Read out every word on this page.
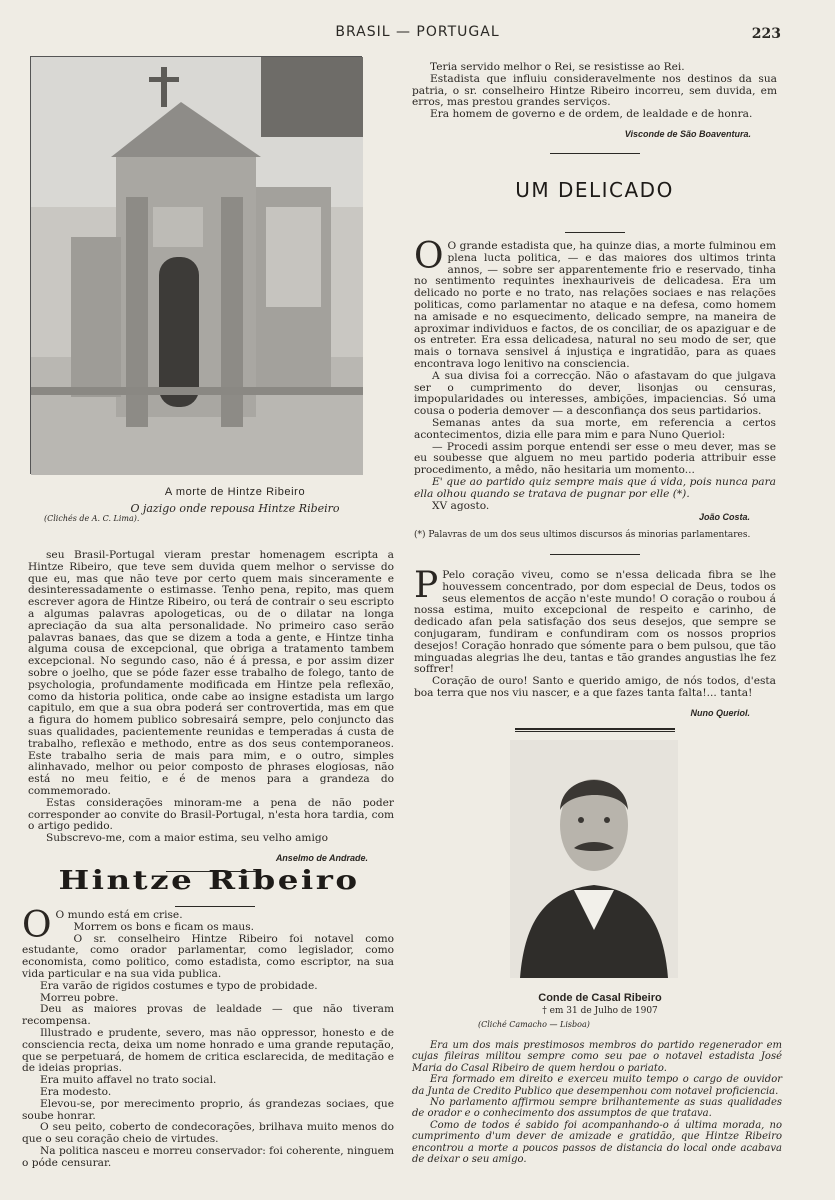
BRASIL — PORTUGAL	223
A morte de Hintze Ribeiro
O jazigo onde repousa Hintze Ribeiro
(Clichés de A. C. Lima).

seu Brasil-Portugal vieram prestar homenagem escripta a Hintze Ribeiro, que teve sem duvida quem melhor o servisse do que eu, mas que não teve por certo quem mais sinceramente e desinteressadamente o estimasse. Tenho pena, repito, mas quem escrever agora de Hintze Ribeiro, ou terá de contrair o seu escripto a algumas palavras apologeticas, ou de o dilatar na longa apreciação da sua alta personalidade. No primeiro caso serão palavras banaes, das que se dizem a toda a gente, e Hintze tinha alguma cousa de excepcional, que obriga a tratamento tambem excepcional. No segundo caso, não é á pressa, e por assim dizer sobre o joelho, que se póde fazer esse trabalho de folego, tanto de psychologia, profundamente modificada em Hintze pela reflexão, como da historia politica, onde cabe ao insigne estadista um largo capitulo, em que a sua obra poderá ser controvertida, mas em que a figura do homem publico sobresairá sempre, pelo conjuncto das suas qualidades, pacientemente reunidas e temperadas á custa de trabalho, reflexão e methodo, entre as dos seus contemporaneos. Este trabalho seria de mais para mim, e o outro, simples alinhavado, melhor ou peior composto de phrases elogiosas, não está no meu feitio, e é de menos para a grandeza do commemorado.

Estas considerações minoram-me a pena de não poder corresponder ao convite do Brasil-Portugal, n'esta hora tardia, com o artigo pedido.

Subscrevo-me, com a maior estima, seu velho amigo

Anselmo de Andrade.
Hintze Ribeiro

O O mundo está em crise.

Morrem os bons e ficam os maus.

O sr. conselheiro Hintze Ribeiro foi notavel como estudante, como orador parlamentar, como legislador, como economista, como politico, como estadista, como escriptor, na sua vida particular e na sua vida publica.

Era varão de rigidos costumes e typo de probidade.

Morreu pobre.

Deu as maiores provas de lealdade — que não tiveram recompensa.

Illustrado e prudente, severo, mas não oppressor, honesto e de consciencia recta, deixa um nome honrado e uma grande reputação, que se perpetuará, de homem de critica esclarecida, de meditação e de ideias proprias.

Era muito affavel no trato social.

Era modesto.

Elevou-se, por merecimento proprio, ás grandezas sociaes, que soube honrar.

O seu peito, coberto de condecorações, brilhava muito menos do que o seu coração cheio de virtudes.

Na politica nasceu e morreu conservador: foi coherente, ninguem o póde censurar.

Teria servido melhor o Rei, se resistisse ao Rei.

Estadista que influiu consideravelmente nos destinos da sua patria, o sr. conselheiro Hintze Ribeiro incorreu, sem duvida, em erros, mas prestou grandes serviços.

Era homem de governo e de ordem, de lealdade e de honra.

Visconde de São Boaventura.
UM DELICADO

O O grande estadista que, ha quinze dias, a morte fulminou em plena lucta politica, — e das maiores dos ultimos trinta annos, — sobre ser apparentemente frio e reservado, tinha no sentimento requintes inexhauriveis de delicadesa. Era um delicado no porte e no trato, nas relações sociaes e nas relações politicas, como parlamentar no ataque e na defesa, como homem na amisade e no esquecimento, delicado sempre, na maneira de aproximar individuos e factos, de os conciliar, de os apaziguar e de os entreter. Era essa delicadesa, natural no seu modo de ser, que mais o tornava sensivel á injustiça e ingratidão, para as quaes encontrava logo lenitivo na consciencia.

A sua divisa foi a correcção. Não o afastavam do que julgava ser o cumprimento do dever, lisonjas ou censuras, impopularidades ou interesses, ambições, impaciencias. Só uma cousa o poderia demover — a desconfiança dos seus partidarios.

Semanas antes da sua morte, em referencia a certos acontecimentos, dizia elle para mim e para Nuno Queriol:

— Procedi assim porque entendi ser esse o meu dever, mas se eu soubesse que alguem no meu partido poderia attribuir esse procedimento, a mêdo, não hesitaria um momento...

E' que ao partido quiz sempre mais que á vida, pois nunca para ella olhou quando se tratava de pugnar por elle (*).

XV agosto.

João Costa.
(*) Palavras de um dos seus ultimos discursos ás minorias parlamentares.

P Pelo coração viveu, como se n'essa delicada fibra se lhe houvessem concentrado, por dom especial de Deus, todos os seus elementos de acção n'este mundo! O coração o roubou á nossa estima, muito excepcional de respeito e carinho, de dedicado afan pela satisfação dos seus desejos, que sempre se conjugaram, fundiram e confundiram com os nossos proprios desejos! Coração honrado que sómente para o bem pulsou, que tão minguadas alegrias lhe deu, tantas e tão grandes angustias lhe fez soffrer!

Coração de ouro! Santo e querido amigo, de nós todos, d'esta boa terra que nos viu nascer, e a que fazes tanta falta!... tanta!

Nuno Queriol.
Conde de Casal Ribeiro
† em 31 de Julho de 1907
(Cliché Camacho — Lisboa)

Era um dos mais prestimosos membros do partido regenerador em cujas fileiras militou sempre como seu pae o notavel estadista José Maria do Casal Ribeiro de quem herdou o pariato.

Era formado em direito e exerceu muito tempo o cargo de ouvidor da Junta de Credito Publico que desempenhou com notavel proficiencia.

No parlamento affirmou sempre brilhantemente as suas qualidades de orador e o conhecimento dos assumptos de que tratava.

Como de todos é sabido foi acompanhando-o á ultima morada, no cumprimento d'um dever de amizade e gratidão, que Hintze Ribeiro encontrou a morte a poucos passos de distancia do local onde acabava de deixar o seu amigo.
